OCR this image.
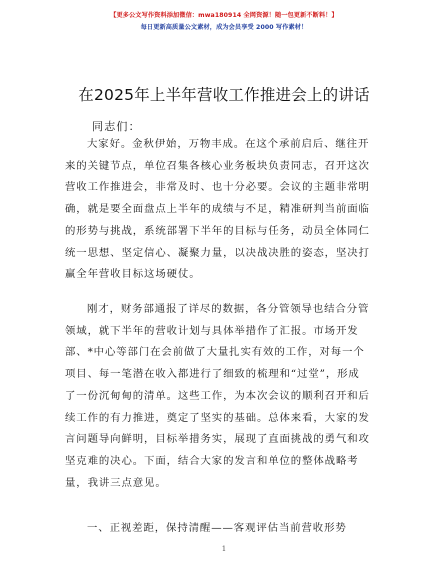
【更多公文写作资料添加微信：mwa180914 全网资源！随一包更新不断料！】
每日更新高质量公文素材，成为会员享受 2000 写作素材！
在2025年上半年营收工作推进会上的讲话
同志们：
大家好。金秋伊始，万物丰成。在这个承前启后、继往开
来的关键节点，单位召集各核心业务板块负责同志，召开这次
营收工作推进会，非常及时、也十分必要。会议的主题非常明
确，就是要全面盘点上半年的成绩与不足，精准研判当前面临
的形势与挑战，系统部署下半年的目标与任务，动员全体同仁
统一思想、坚定信心、凝聚力量，以决战决胜的姿态，坚决打
赢全年营收目标这场硬仗。
刚才，财务部通报了详尽的数据，各分管领导也结合分管
领域，就下半年的营收计划与具体举措作了汇报。市场开发
部、*中心等部门在会前做了大量扎实有效的工作，对每一个
项目、每一笔潜在收入都进行了细致的梳理和“过堂”，形成
了一份沉甸甸的清单。这些工作，为本次会议的顺利召开和后
续工作的有力推进，奠定了坚实的基础。总体来看，大家的发
言问题导向鲜明，目标举措务实，展现了直面挑战的勇气和攻
坚克难的决心。下面，结合大家的发言和单位的整体战略考
量，我讲三点意见。
一、正视差距，保持清醒——客观评估当前营收形势
1
